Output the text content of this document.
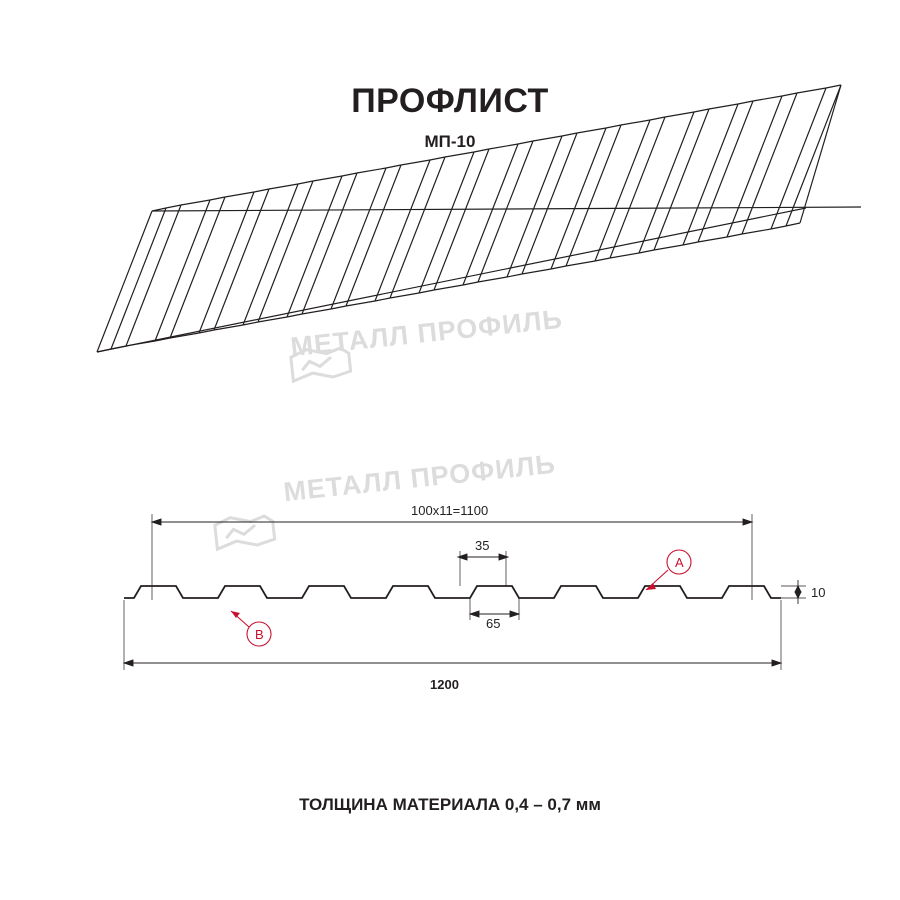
ПРОФЛИСТ
МП-10
МЕТАЛЛ ПРОФИЛЬ
МЕТАЛЛ ПРОФИЛЬ
100x11=1100
35
65
10
1200
A
B
ТОЛЩИНА МАТЕРИАЛА 0,4 – 0,7 мм
